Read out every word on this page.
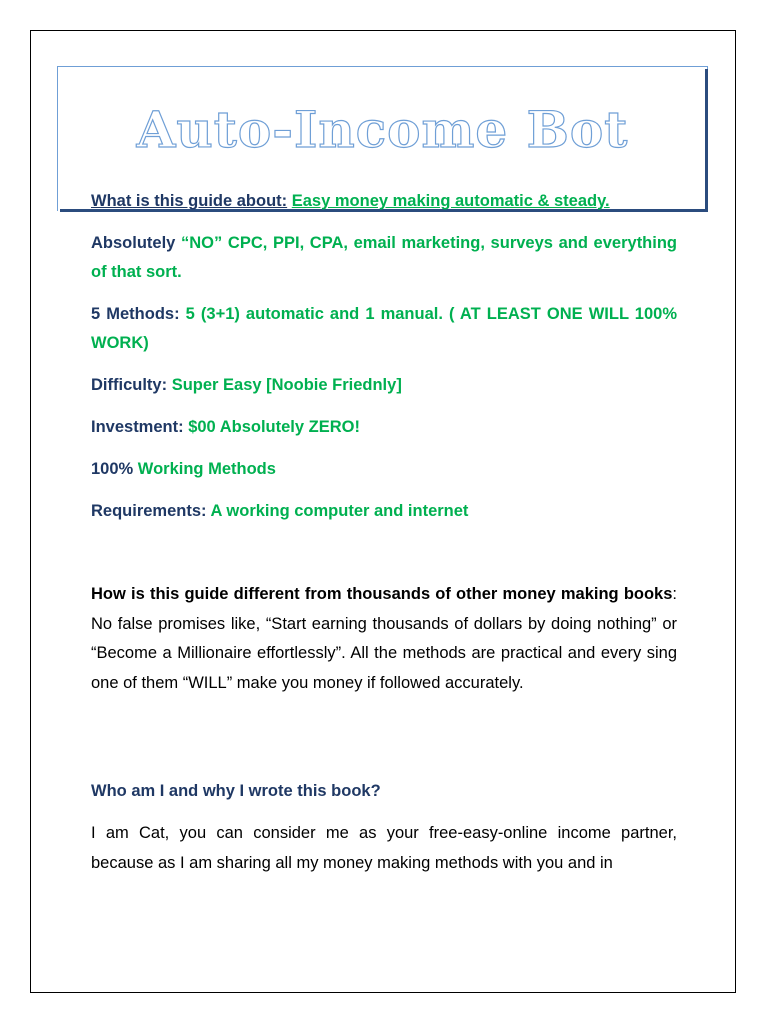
Auto-Income Bot
What is this guide about: Easy money making automatic & steady.
Absolutely “NO” CPC, PPI, CPA, email marketing, surveys and everything of that sort.
5 Methods: 5 (3+1) automatic and 1 manual. ( AT LEAST ONE WILL 100% WORK)
Difficulty: Super Easy [Noobie Friednly]
Investment: $00 Absolutely ZERO!
100% Working Methods
Requirements: A working computer and internet
How is this guide different from thousands of other money making books: No false promises like, “Start earning thousands of dollars by doing nothing” or “Become a Millionaire effortlessly”. All the methods are practical and every sing one of them “WILL” make you money if followed accurately.
Who am I and why I wrote this book?
I am Cat, you can consider me as your free-easy-online income partner, because as I am sharing all my money making methods with you and in
